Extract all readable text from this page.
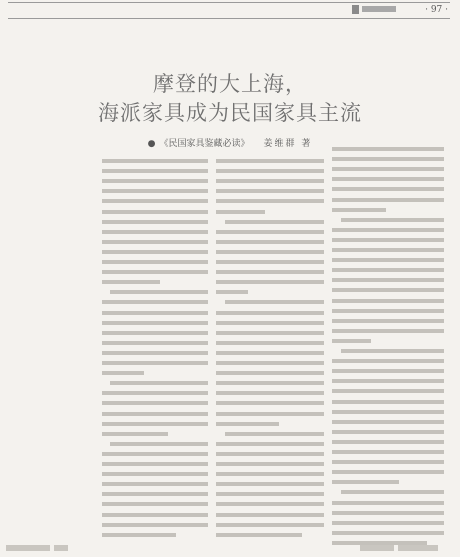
· 97 ·
摩登的大上海，
海派家具成为民国家具主流
● 《民国家具鉴藏必读》 姜维群 著
